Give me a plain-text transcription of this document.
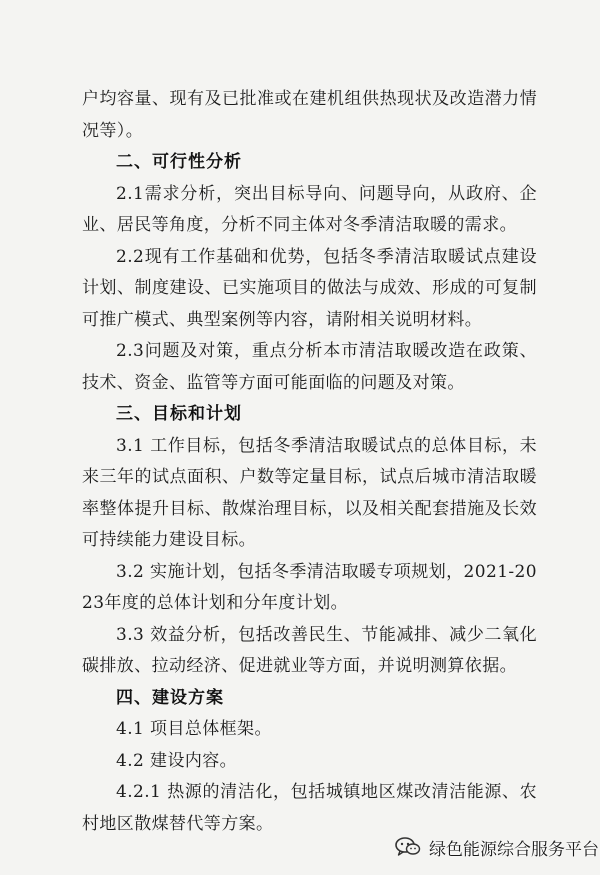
户均容量、现有及已批准或在建机组供热现状及改造潜力情况等）。

二、可行性分析

2.1需求分析，突出目标导向、问题导向，从政府、企业、居民等角度，分析不同主体对冬季清洁取暖的需求。

2.2现有工作基础和优势，包括冬季清洁取暖试点建设计划、制度建设、已实施项目的做法与成效、形成的可复制可推广模式、典型案例等内容，请附相关说明材料。

2.3问题及对策，重点分析本市清洁取暖改造在政策、技术、资金、监管等方面可能面临的问题及对策。

三、目标和计划

3.1 工作目标，包括冬季清洁取暖试点的总体目标，未来三年的试点面积、户数等定量目标，试点后城市清洁取暖率整体提升目标、散煤治理目标，以及相关配套措施及长效可持续能力建设目标。

3.2 实施计划，包括冬季清洁取暖专项规划，2021-2023年度的总体计划和分年度计划。

3.3 效益分析，包括改善民生、节能减排、减少二氧化碳排放、拉动经济、促进就业等方面，并说明测算依据。

四、建设方案

4.1 项目总体框架。

4.2 建设内容。

4.2.1 热源的清洁化，包括城镇地区煤改清洁能源、农村地区散煤替代等方案。

绿色能源综合服务平台
